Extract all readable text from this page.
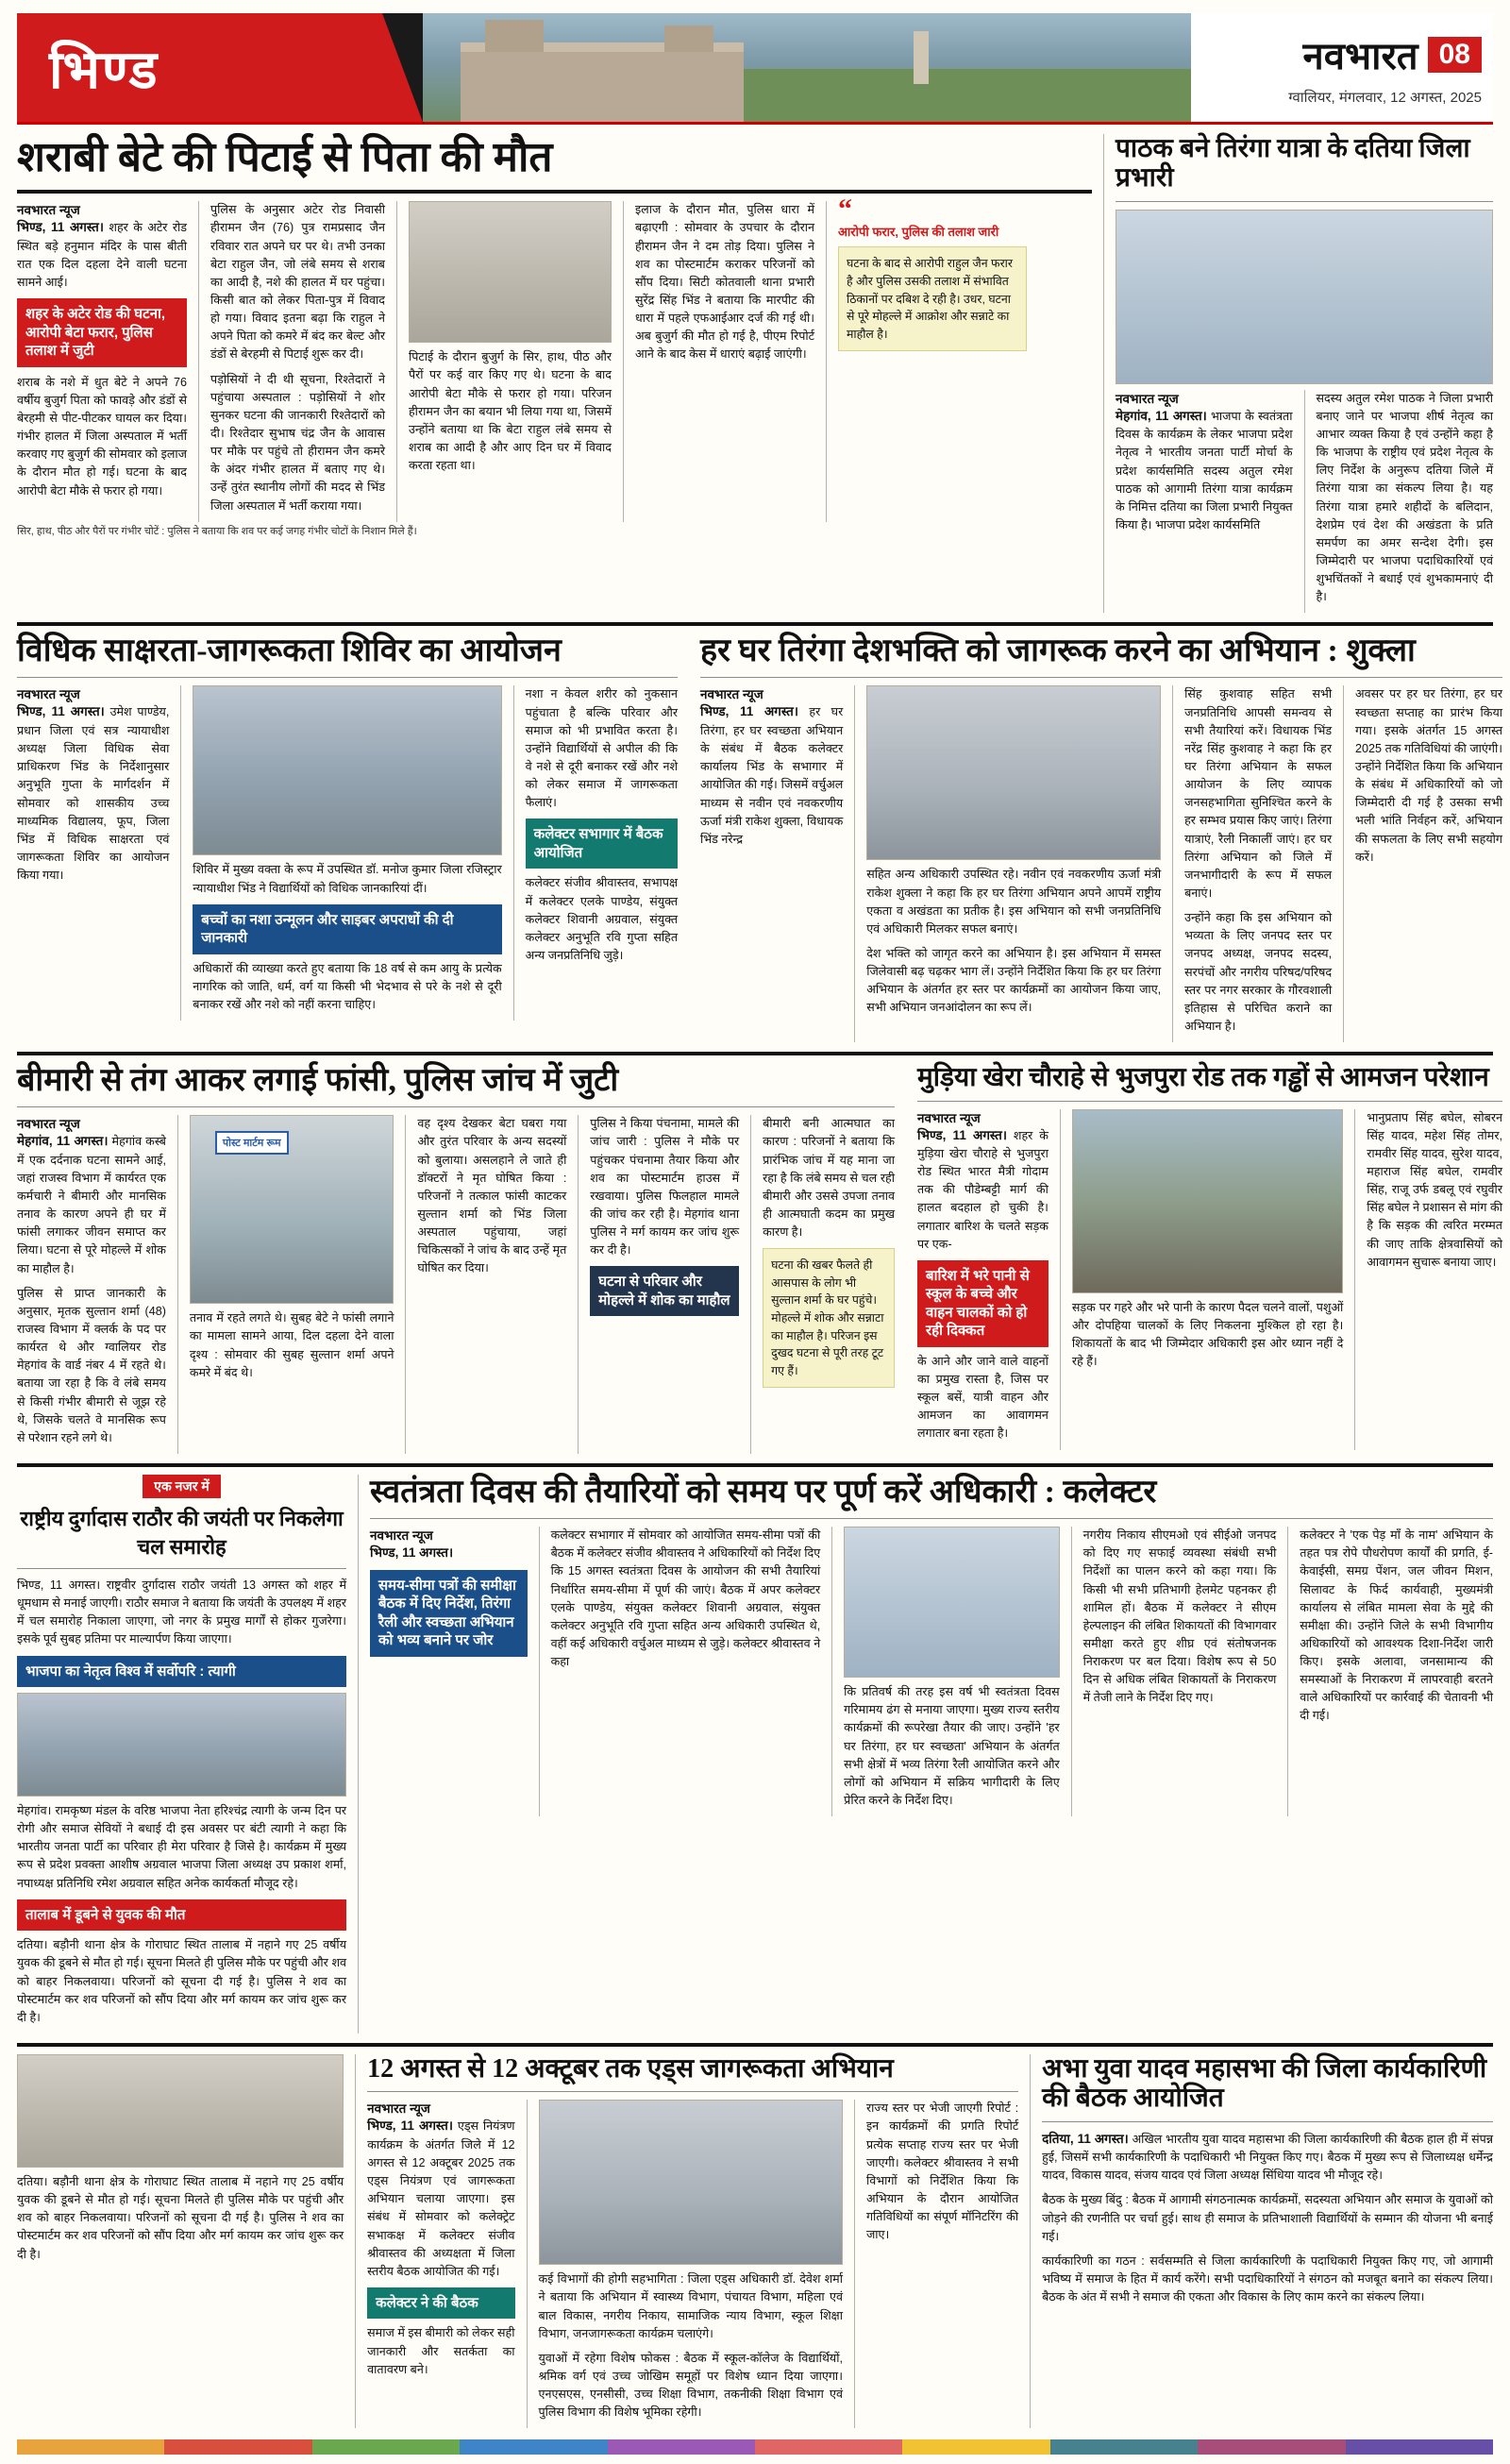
भिण्ड	नवभारत 08
ग्वालियर, मंगलवार, 12 अगस्त, 2025
शराबी बेटे की पिटाई से पिता की मौत
नवभारत न्यूज

भिण्ड, 11 अगस्त। शहर के अटेर रोड स्थित बड़े हनुमान मंदिर के पास बीती रात एक दिल दहला देने वाली घटना सामने आई।

शहर के अटेर रोड की घटना, आरोपी बेटा फरार, पुलिस तलाश में जुटी

शराब के नशे में धुत बेटे ने अपने 76 वर्षीय बुजुर्ग पिता को फावड़े और डंडों से बेरहमी से पीट-पीटकर घायल कर दिया। गंभीर हालत में जिला अस्पताल में भर्ती करवाए गए बुजुर्ग की सोमवार को इलाज के दौरान मौत हो गई। घटना के बाद आरोपी बेटा मौके से फरार हो गया।

पुलिस के अनुसार अटेर रोड निवासी हीरामन जैन (76) पुत्र रामप्रसाद जैन रविवार रात अपने घर पर थे। तभी उनका बेटा राहुल जैन, जो लंबे समय से शराब का आदी है, नशे की हालत में घर पहुंचा। किसी बात को लेकर पिता-पुत्र में विवाद हो गया। विवाद इतना बढ़ा कि राहुल ने अपने पिता को कमरे में बंद कर बेल्ट और डंडों से बेरहमी से पिटाई शुरू कर दी।

पड़ोसियों ने दी थी सूचना, रिश्तेदारों ने पहुंचाया अस्पताल : पड़ोसियों ने शोर सुनकर घटना की जानकारी रिश्तेदारों को दी। रिश्तेदार सुभाष चंद्र जैन के आवास पर मौके पर पहुंचे तो हीरामन जैन कमरे के अंदर गंभीर हालत में बताए गए थे। उन्हें तुरंत स्थानीय लोगों की मदद से भिंड जिला अस्पताल में भर्ती कराया गया।

पिटाई के दौरान बुजुर्ग के सिर, हाथ, पीठ और पैरों पर कई वार किए गए थे। घटना के बाद आरोपी बेटा मौके से फरार हो गया। परिजन हीरामन जैन का बयान भी लिया गया था, जिसमें उन्होंने बताया था कि बेटा राहुल लंबे समय से शराब का आदी है और आए दिन घर में विवाद करता रहता था।

इलाज के दौरान मौत, पुलिस धारा में बढ़ाएगी : सोमवार के उपचार के दौरान हीरामन जैन ने दम तोड़ दिया। पुलिस ने शव का पोस्टमार्टम कराकर परिजनों को सौंप दिया। सिटी कोतवाली थाना प्रभारी सुरेंद्र सिंह भिंड ने बताया कि मारपीट की धारा में पहले एफआईआर दर्ज की गई थी। अब बुजुर्ग की मौत हो गई है, पीएम रिपोर्ट आने के बाद केस में धाराएं बढ़ाई जाएंगी।

“
आरोपी फरार, पुलिस की तलाश जारी
घटना के बाद से आरोपी राहुल जैन फरार है और पुलिस उसकी तलाश में संभावित ठिकानों पर दबिश दे रही है। उधर, घटना से पूरे मोहल्ले में आक्रोश और सन्नाटे का माहौल है।
सिर, हाथ, पीठ और पैरों पर गंभीर चोटें : पुलिस ने बताया कि शव पर कई जगह गंभीर चोटों के निशान मिले हैं।
पाठक बने तिरंगा यात्रा के दतिया जिला प्रभारी
नवभारत न्यूज

मेहगांव, 11 अगस्त। भाजपा के स्वतंत्रता दिवस के कार्यक्रम के लेकर भाजपा प्रदेश नेतृत्व ने भारतीय जनता पार्टी मोर्चा के प्रदेश कार्यसमिति सदस्य अतुल रमेश पाठक को आगामी तिरंगा यात्रा कार्यक्रम के निमित्त दतिया का जिला प्रभारी नियुक्त किया है। भाजपा प्रदेश कार्यसमिति

सदस्य अतुल रमेश पाठक ने जिला प्रभारी बनाए जाने पर भाजपा शीर्ष नेतृत्व का आभार व्यक्त किया है एवं उन्होंने कहा है कि भाजपा के राष्ट्रीय एवं प्रदेश नेतृत्व के लिए निर्देश के अनुरूप दतिया जिले में तिरंगा यात्रा का संकल्प लिया है। यह तिरंगा यात्रा हमारे शहीदों के बलिदान, देशप्रेम एवं देश की अखंडता के प्रति समर्पण का अमर सन्देश देगी। इस जिम्मेदारी पर भाजपा पदाधिकारियों एवं शुभचिंतकों ने बधाई एवं शुभकामनाएं दी है।

विधिक साक्षरता-जागरूकता शिविर का आयोजन
नवभारत न्यूज

भिण्ड, 11 अगस्त। उमेश पाण्डेय, प्रधान जिला एवं सत्र न्यायाधीश अध्यक्ष जिला विधिक सेवा प्राधिकरण भिंड के निर्देशानुसार अनुभूति गुप्ता के मार्गदर्शन में सोमवार को शासकीय उच्च माध्यमिक विद्यालय, फूप, जिला भिंड में विधिक साक्षरता एवं जागरूकता शिविर का आयोजन किया गया।	शिविर में मुख्य वक्ता के रूप में उपस्थित डॉ. मनोज कुमार जिला रजिस्ट्रार न्यायाधीश भिंड ने विद्यार्थियों को विधिक जानकारियां दीं।

बच्चों का नशा उन्मूलन और साइबर अपराधों की दी जानकारी

अधिकारों की व्याख्या करते हुए बताया कि 18 वर्ष से कम आयु के प्रत्येक नागरिक को जाति, धर्म, वर्ग या किसी भी भेदभाव से परे के नशे से दूरी बनाकर रखें और नशे को नहीं करना चाहिए।

नशा न केवल शरीर को नुकसान पहुंचाता है बल्कि परिवार और समाज को भी प्रभावित करता है। उन्होंने विद्यार्थियों से अपील की कि वे नशे से दूरी बनाकर रखें और नशे को लेकर समाज में जागरूकता फैलाएं।

कलेक्टर सभागार में बैठक आयोजित

कलेक्टर संजीव श्रीवास्तव, सभापक्ष में कलेक्टर एलके पाण्डेय, संयुक्त कलेक्टर शिवानी अग्रवाल, संयुक्त कलेक्टर अनुभूति रवि गुप्ता सहित अन्य जनप्रतिनिधि जुड़े।

हर घर तिरंगा देशभक्ति को जागरूक करने का अभियान : शुक्ला
नवभारत न्यूज

भिण्ड, 11 अगस्त। हर घर तिरंगा, हर घर स्वच्छता अभियान के संबंध में बैठक कलेक्टर कार्यालय भिंड के सभागार में आयोजित की गई। जिसमें वर्चुअल माध्यम से नवीन एवं नवकरणीय ऊर्जा मंत्री राकेश शुक्ला, विधायक भिंड नरेन्द्र

सहित अन्य अधिकारी उपस्थित रहे। नवीन एवं नवकरणीय ऊर्जा मंत्री राकेश शुक्ला ने कहा कि हर घर तिरंगा अभियान अपने आपमें राष्ट्रीय एकता व अखंडता का प्रतीक है। इस अभियान को सभी जनप्रतिनिधि एवं अधिकारी मिलकर सफल बनाएं।

देश भक्ति को जागृत करने का अभियान है। इस अभियान में समस्त जिलेवासी बढ़ चढ़कर भाग लें। उन्होंने निर्देशित किया कि हर घर तिरंगा अभियान के अंतर्गत हर स्तर पर कार्यक्रमों का आयोजन किया जाए, सभी अभियान जनआंदोलन का रूप लें।

सिंह कुशवाह सहित सभी जनप्रतिनिधि आपसी समन्वय से सभी तैयारियां करें। विधायक भिंड नरेंद्र सिंह कुशवाह ने कहा कि हर घर तिरंगा अभियान के सफल आयोजन के लिए व्यापक जनसहभागिता सुनिश्चित करने के हर सम्भव प्रयास किए जाएं। तिरंगा यात्राएं, रैली निकालीं जाएं। हर घर तिरंगा अभियान को जिले में जनभागीदारी के रूप में सफल बनाएं।

उन्होंने कहा कि इस अभियान को भव्यता के लिए जनपद स्तर पर जनपद अध्यक्ष, जनपद सदस्य, सरपंचों और नगरीय परिषद/परिषद स्तर पर नगर सरकार के गौरवशाली इतिहास से परिचित कराने का अभियान है।

अवसर पर हर घर तिरंगा, हर घर स्वच्छता सप्ताह का प्रारंभ किया गया। इसके अंतर्गत 15 अगस्त 2025 तक गतिविधियां की जाएंगी। उन्होंने निर्देशित किया कि अभियान के संबंध में अधिकारियों को जो जिम्मेदारी दी गई है उसका सभी भली भांति निर्वहन करें, अभियान की सफलता के लिए सभी सहयोग करें।

बीमारी से तंग आकर लगाई फांसी, पुलिस जांच में जुटी
नवभारत न्यूज

मेहगांव, 11 अगस्त। मेहगांव कस्बे में एक दर्दनाक घटना सामने आई, जहां राजस्व विभाग में कार्यरत एक कर्मचारी ने बीमारी और मानसिक तनाव के कारण अपने ही घर में फांसी लगाकर जीवन समाप्त कर लिया। घटना से पूरे मोहल्ले में शोक का माहौल है।

पुलिस से प्राप्त जानकारी के अनुसार, मृतक सुल्तान शर्मा (48) राजस्व विभाग में क्लर्क के पद पर कार्यरत थे और ग्वालियर रोड मेहगांव के वार्ड नंबर 4 में रहते थे। बताया जा रहा है कि वे लंबे समय से किसी गंभीर बीमारी से जूझ रहे थे, जिसके चलते वे मानसिक रूप से परेशान रहने लगे थे।

पोस्ट मार्टम रूम

तनाव में रहते लगते थे। सुबह बेटे ने फांसी लगाने का मामला सामने आया, दिल दहला देने वाला दृश्य : सोमवार की सुबह सुल्तान शर्मा अपने कमरे में बंद थे।

वह दृश्य देखकर बेटा घबरा गया और तुरंत परिवार के अन्य सदस्यों को बुलाया। असलहाने ले जाते ही डॉक्टरों ने मृत घोषित किया : परिजनों ने तत्काल फांसी काटकर सुल्तान शर्मा को भिंड जिला अस्पताल पहुंचाया, जहां चिकित्सकों ने जांच के बाद उन्हें मृत घोषित कर दिया।

पुलिस ने किया पंचनामा, मामले की जांच जारी : पुलिस ने मौके पर पहुंचकर पंचनामा तैयार किया और शव का पोस्टमार्टम हाउस में रखवाया। पुलिस फिलहाल मामले की जांच कर रही है। मेहगांव थाना पुलिस ने मर्ग कायम कर जांच शुरू कर दी है।

घटना से परिवार और मोहल्ले में शोक का माहौल

बीमारी बनी आत्मघात का कारण : परिजनों ने बताया कि प्रारंभिक जांच में यह माना जा रहा है कि लंबे समय से चल रही बीमारी और उससे उपजा तनाव ही आत्मघाती कदम का प्रमुख कारण है।

घटना की खबर फैलते ही आसपास के लोग भी सुल्तान शर्मा के घर पहुंचे। मोहल्ले में शोक और सन्नाटा का माहौल है। परिजन इस दुखद घटना से पूरी तरह टूट गए हैं।
मुड़िया खेरा चौराहे से भुजपुरा रोड तक गड्ढों से आमजन परेशान
नवभारत न्यूज

भिण्ड, 11 अगस्त। शहर के मुड़िया खेरा चौराहे से भुजपुरा रोड स्थित भारत मैत्री गोदाम तक की पौडेम्बट्टी मार्ग की हालत बदहाल हो चुकी है। लगातार बारिश के चलते सड़क पर एक-

बारिश में भरे पानी से स्कूल के बच्चे और वाहन चालकों को हो रही दिक्कत

के आने और जाने वाले वाहनों का प्रमुख रास्ता है, जिस पर स्कूल बसें, यात्री वाहन और आमजन का आवागमन लगातार बना रहता है।

सड़क पर गहरे और भरे पानी के कारण पैदल चलने वालों, पशुओं और दोपहिया चालकों के लिए निकलना मुश्किल हो रहा है। शिकायतों के बाद भी जिम्मेदार अधिकारी इस ओर ध्यान नहीं दे रहे हैं।

भानुप्रताप सिंह बघेल, सोबरन सिंह यादव, महेश सिंह तोमर, रामवीर सिंह यादव, सुरेश यादव, महाराज सिंह बघेल, रामवीर सिंह, राजू उर्फ डबलू एवं रघुवीर सिंह बघेल ने प्रशासन से मांग की है कि सड़क की त्वरित मरम्मत की जाए ताकि क्षेत्रवासियों को आवागमन सुचारू बनाया जाए।

एक नजर में
राष्ट्रीय दुर्गादास राठौर की जयंती पर निकलेगा चल समारोह

भिण्ड, 11 अगस्त। राष्ट्रवीर दुर्गादास राठौर जयंती 13 अगस्त को शहर में धूमधाम से मनाई जाएगी। राठौर समाज ने बताया कि जयंती के उपलक्ष्य में शहर में चल समारोह निकाला जाएगा, जो नगर के प्रमुख मार्गों से होकर गुजरेगा। इसके पूर्व सुबह प्रतिमा पर माल्यार्पण किया जाएगा।

भाजपा का नेतृत्व विश्व में सर्वोपरि : त्यागी

मेहगांव। रामकृष्ण मंडल के वरिष्ठ भाजपा नेता हरिश्चंद्र त्यागी के जन्म दिन पर रोगी और समाज सेवियों ने बधाई दी इस अवसर पर बंटी त्यागी ने कहा कि भारतीय जनता पार्टी का परिवार ही मेरा परिवार है जिसे है। कार्यक्रम में मुख्य रूप से प्रदेश प्रवक्ता आशीष अग्रवाल भाजपा जिला अध्यक्ष उप प्रकाश शर्मा, नपाध्यक्ष प्रतिनिधि रमेश अग्रवाल सहित अनेक कार्यकर्ता मौजूद रहे।

तालाब में डूबने से युवक की मौत

दतिया। बड़ौनी थाना क्षेत्र के गोराघाट स्थित तालाब में नहाने गए 25 वर्षीय युवक की डूबने से मौत हो गई। सूचना मिलते ही पुलिस मौके पर पहुंची और शव को बाहर निकलवाया। परिजनों को सूचना दी गई है। पुलिस ने शव का पोस्टमार्टम कर शव परिजनों को सौंप दिया और मर्ग कायम कर जांच शुरू कर दी है।

स्वतंत्रता दिवस की तैयारियों को समय पर पूर्ण करें अधिकारी : कलेक्टर
नवभारत न्यूज

भिण्ड, 11 अगस्त।

समय-सीमा पत्रों की समीक्षा बैठक में दिए निर्देश, तिरंगा रैली और स्वच्छता अभियान को भव्य बनाने पर जोर

कलेक्टर सभागार में सोमवार को आयोजित समय-सीमा पत्रों की बैठक में कलेक्टर संजीव श्रीवास्तव ने अधिकारियों को निर्देश दिए कि 15 अगस्त स्वतंत्रता दिवस के आयोजन की सभी तैयारियां निर्धारित समय-सीमा में पूर्ण की जाएं। बैठक में अपर कलेक्टर एलके पाण्डेय, संयुक्त कलेक्टर शिवानी अग्रवाल, संयुक्त कलेक्टर अनुभूति रवि गुप्ता सहित अन्य अधिकारी उपस्थित थे, वहीं कई अधिकारी वर्चुअल माध्यम से जुड़े। कलेक्टर श्रीवास्तव ने कहा

कि प्रतिवर्ष की तरह इस वर्ष भी स्वतंत्रता दिवस गरिमामय ढंग से मनाया जाएगा। मुख्य राज्य स्तरीय कार्यक्रमों की रूपरेखा तैयार की जाए। उन्होंने 'हर घर तिरंगा, हर घर स्वच्छता' अभियान के अंतर्गत सभी क्षेत्रों में भव्य तिरंगा रैली आयोजित करने और लोगों को अभियान में सक्रिय भागीदारी के लिए प्रेरित करने के निर्देश दिए।

नगरीय निकाय सीएमओ एवं सीईओ जनपद को दिए गए सफाई व्यवस्था संबंधी सभी निर्देशों का पालन करने को कहा गया। कि किसी भी सभी प्रतिभागी हेलमेट पहनकर ही शामिल हों। बैठक में कलेक्टर ने सीएम हेल्पलाइन की लंबित शिकायतों की विभागवार समीक्षा करते हुए शीघ्र एवं संतोषजनक निराकरण पर बल दिया। विशेष रूप से 50 दिन से अधिक लंबित शिकायतों के निराकरण में तेजी लाने के निर्देश दिए गए।

कलेक्टर ने 'एक पेड़ माँ के नाम' अभियान के तहत पत्र रोपे पौधरोपण कार्यों की प्रगति, ई-केवाईसी, समग्र पेंशन, जल जीवन मिशन, सिलावट के फिर्द कार्यवाही, मुख्यमंत्री कार्यालय से लंबित मामला सेवा के मुद्दे की समीक्षा की। उन्होंने जिले के सभी विभागीय अधिकारियों को आवश्यक दिशा-निर्देश जारी किए। इसके अलावा, जनसामान्य की समस्याओं के निराकरण में लापरवाही बरतने वाले अधिकारियों पर कार्रवाई की चेतावनी भी दी गई।

दतिया। बड़ौनी थाना क्षेत्र के गोराघाट स्थित तालाब में नहाने गए 25 वर्षीय युवक की डूबने से मौत हो गई। सूचना मिलते ही पुलिस मौके पर पहुंची और शव को बाहर निकलवाया। परिजनों को सूचना दी गई है। पुलिस ने शव का पोस्टमार्टम कर शव परिजनों को सौंप दिया और मर्ग कायम कर जांच शुरू कर दी है।

12 अगस्त से 12 अक्टूबर तक एड्स जागरूकता अभियान
नवभारत न्यूज

भिण्ड, 11 अगस्त। एड्स नियंत्रण कार्यक्रम के अंतर्गत जिले में 12 अगस्त से 12 अक्टूबर 2025 तक एड्स नियंत्रण एवं जागरूकता अभियान चलाया जाएगा। इस संबंध में सोमवार को कलेक्ट्रेट सभाकक्ष में कलेक्टर संजीव श्रीवास्तव की अध्यक्षता में जिला स्तरीय बैठक आयोजित की गई।

कलेक्टर ने की बैठक

समाज में इस बीमारी को लेकर सही जानकारी और सतर्कता का वातावरण बने।

कई विभागों की होगी सहभागिता : जिला एड्स अधिकारी डॉ. देवेश शर्मा ने बताया कि अभियान में स्वास्थ्य विभाग, पंचायत विभाग, महिला एवं बाल विकास, नगरीय निकाय, सामाजिक न्याय विभाग, स्कूल शिक्षा विभाग, जनजागरूकता कार्यक्रम चलाएंगे।

युवाओं में रहेगा विशेष फोकस : बैठक में स्कूल-कॉलेज के विद्यार्थियों, श्रमिक वर्ग एवं उच्च जोखिम समूहों पर विशेष ध्यान दिया जाएगा। एनएसएस, एनसीसी, उच्च शिक्षा विभाग, तकनीकी शिक्षा विभाग एवं पुलिस विभाग की विशेष भूमिका रहेगी।

राज्य स्तर पर भेजी जाएगी रिपोर्ट : इन कार्यक्रमों की प्रगति रिपोर्ट प्रत्येक सप्ताह राज्य स्तर पर भेजी जाएगी। कलेक्टर श्रीवास्तव ने सभी विभागों को निर्देशित किया कि अभियान के दौरान आयोजित गतिविधियों का संपूर्ण मॉनिटरिंग की जाए।

अभा युवा यादव महासभा की जिला कार्यकारिणी की बैठक आयोजित

दतिया, 11 अगस्त। अखिल भारतीय युवा यादव महासभा की जिला कार्यकारिणी की बैठक हाल ही में संपन्न हुई, जिसमें सभी कार्यकारिणी के पदाधिकारी भी नियुक्त किए गए। बैठक में मुख्य रूप से जिलाध्यक्ष धर्मेन्द्र यादव, विकास यादव, संजय यादव एवं जिला अध्यक्ष सिंधिया यादव भी मौजूद रहे।

बैठक के मुख्य बिंदु : बैठक में आगामी संगठनात्मक कार्यक्रमों, सदस्यता अभियान और समाज के युवाओं को जोड़ने की रणनीति पर चर्चा हुई। साथ ही समाज के प्रतिभाशाली विद्यार्थियों के सम्मान की योजना भी बनाई गई।

कार्यकारिणी का गठन : सर्वसम्मति से जिला कार्यकारिणी के पदाधिकारी नियुक्त किए गए, जो आगामी भविष्य में समाज के हित में कार्य करेंगे। सभी पदाधिकारियों ने संगठन को मजबूत बनाने का संकल्प लिया। बैठक के अंत में सभी ने समाज की एकता और विकास के लिए काम करने का संकल्प लिया।
